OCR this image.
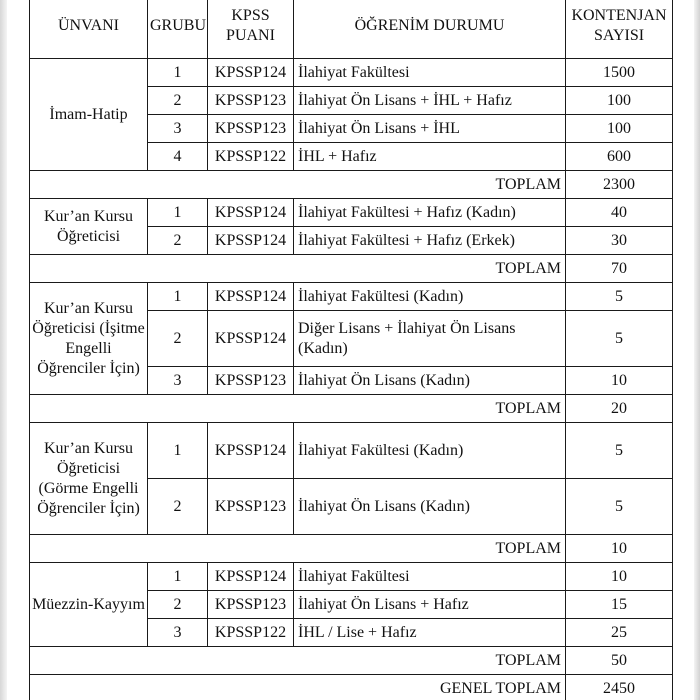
ÜNVANI	GRUBU	KPSS PUANI	ÖĞRENİM DURUMU	KONTENJAN SAYISI
İmam-Hatip	1	KPSSP124	İlahiyat Fakültesi	1500
	2	KPSSP123	İlahiyat Ön Lisans + İHL + Hafız	100
	3	KPSSP123	İlahiyat Ön Lisans + İHL	100
	4	KPSSP122	İHL + Hafız	600
TOPLAM				2300
Kur’an Kursu Öğreticisi	1	KPSSP124	İlahiyat Fakültesi + Hafız (Kadın)	40
	2	KPSSP124	İlahiyat Fakültesi + Hafız (Erkek)	30
TOPLAM				70
Kur’an Kursu Öğreticisi (İşitme Engelli Öğrenciler İçin)	1	KPSSP124	İlahiyat Fakültesi (Kadın)	5
	2	KPSSP124	Diğer Lisans + İlahiyat Ön Lisans (Kadın)	5
	3	KPSSP123	İlahiyat Ön Lisans (Kadın)	10
TOPLAM				20
Kur’an Kursu Öğreticisi (Görme Engelli Öğrenciler İçin)	1	KPSSP124	İlahiyat Fakültesi (Kadın)	5
	2	KPSSP123	İlahiyat Ön Lisans (Kadın)	5
TOPLAM				10
Müezzin-Kayyım	1	KPSSP124	İlahiyat Fakültesi	10
	2	KPSSP123	İlahiyat Ön Lisans + Hafız	15
	3	KPSSP122	İHL / Lise + Hafız	25
TOPLAM				50
GENEL TOPLAM				2450
